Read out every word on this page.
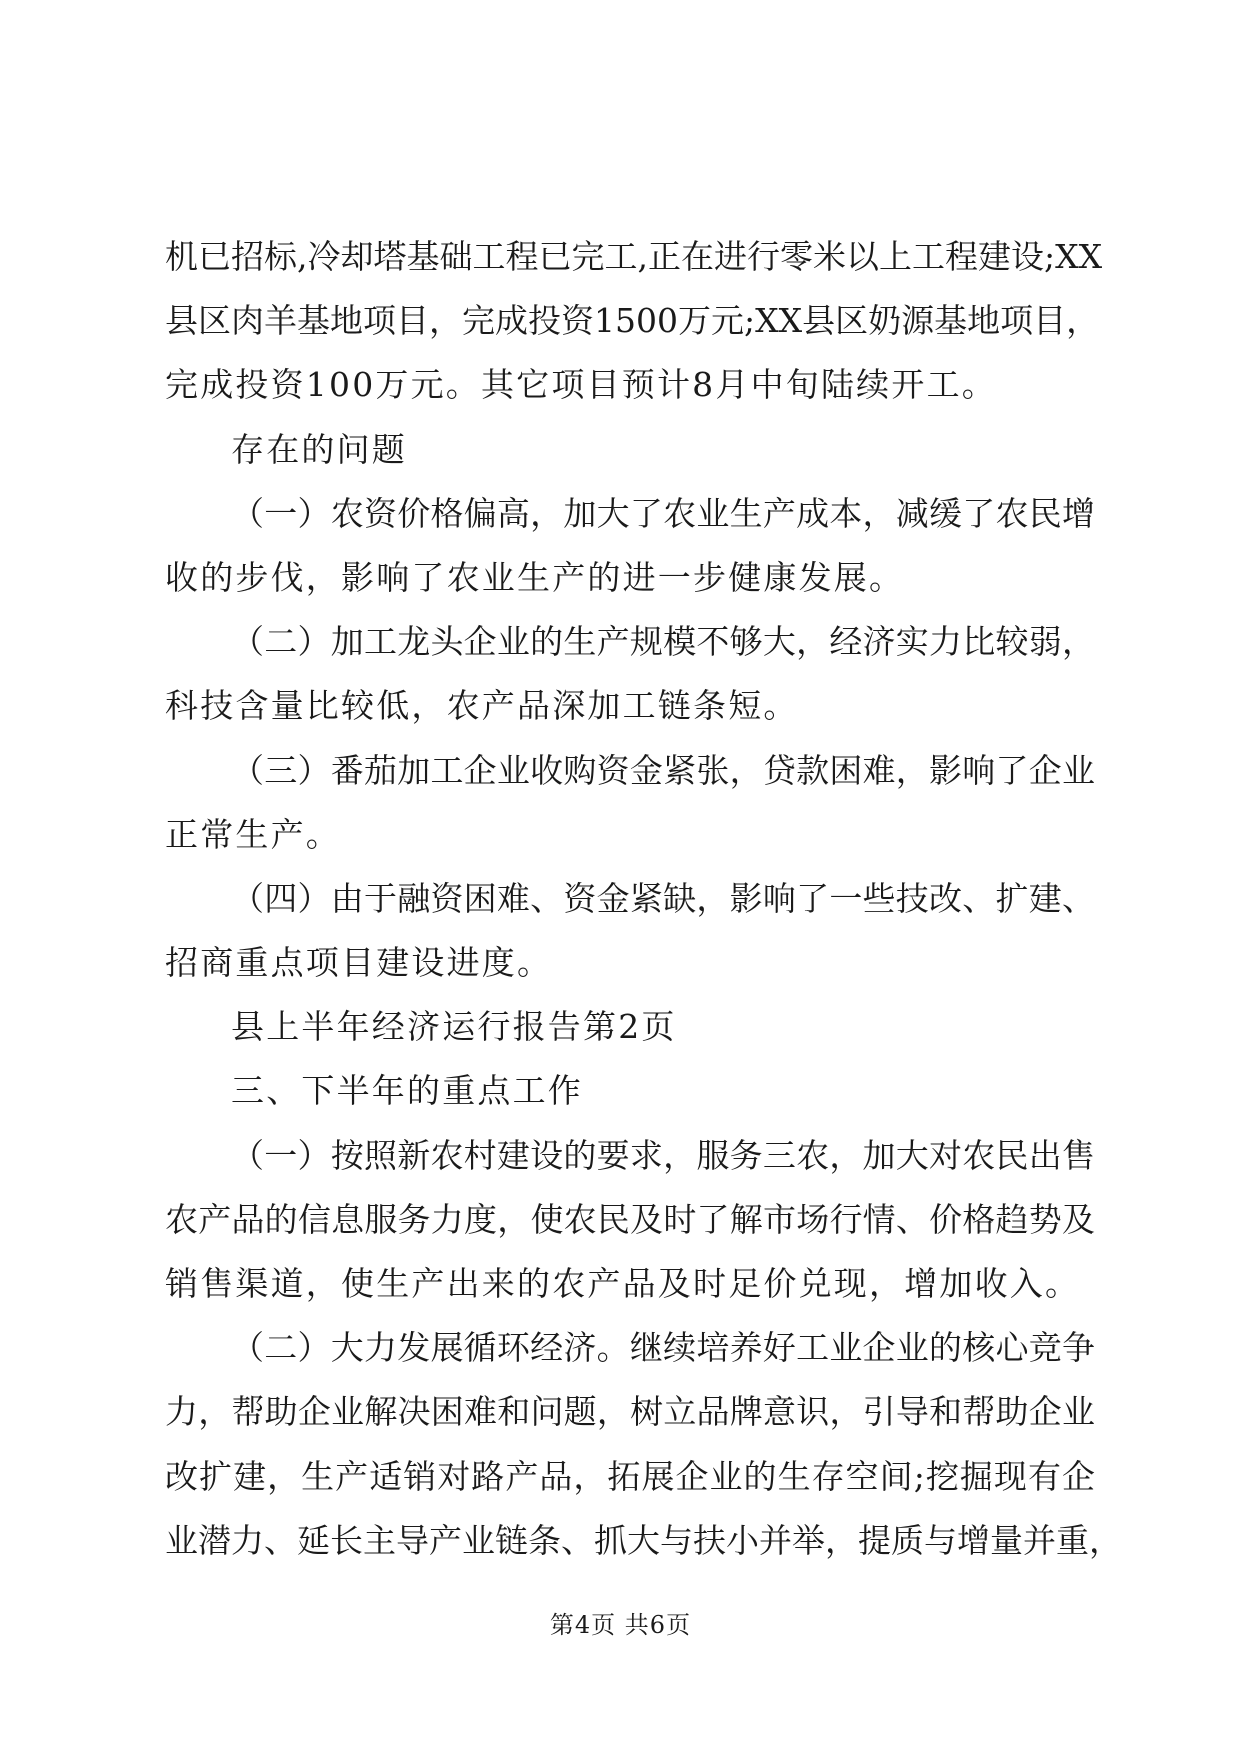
机已招标,冷却塔基础工程已完工,正在进行零米以上工程建设;XX
县区肉羊基地项目，完成投资1500万元;XX县区奶源基地项目，
完成投资100万元。其它项目预计8月中旬陆续开工。
存在的问题
（一）农资价格偏高，加大了农业生产成本，减缓了农民增
收的步伐，影响了农业生产的进一步健康发展。
（二）加工龙头企业的生产规模不够大，经济实力比较弱，
科技含量比较低，农产品深加工链条短。
（三）番茄加工企业收购资金紧张，贷款困难，影响了企业
正常生产。
（四）由于融资困难、资金紧缺，影响了一些技改、扩建、
招商重点项目建设进度。
县上半年经济运行报告第2页
三、下半年的重点工作
（一）按照新农村建设的要求，服务三农，加大对农民出售
农产品的信息服务力度，使农民及时了解市场行情、价格趋势及
销售渠道，使生产出来的农产品及时足价兑现，增加收入。
（二）大力发展循环经济。继续培养好工业企业的核心竞争
力，帮助企业解决困难和问题，树立品牌意识，引导和帮助企业
改扩建，生产适销对路产品，拓展企业的生存空间;挖掘现有企
业潜力、延长主导产业链条、抓大与扶小并举，提质与增量并重，
第4页 共6页
